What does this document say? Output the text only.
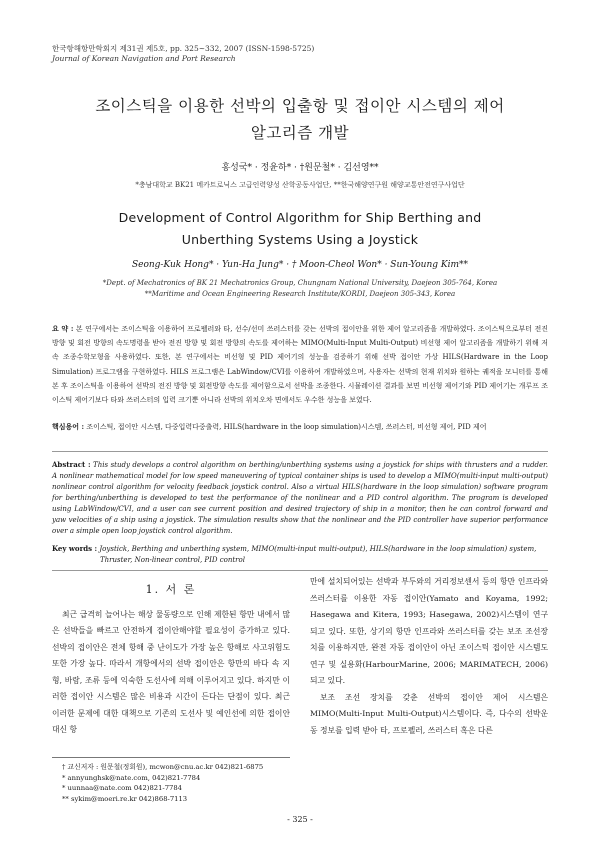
한국항해항만학회지 제31권 제5호, pp. 325~332, 2007 (ISSN-1598-5725)
Journal of Korean Navigation and Port Research
조이스틱을 이용한 선박의 입출항 및 접이안 시스템의 제어
알고리즘 개발
홍성국* · 정윤하* · †원문철* · 김선영**
*충남대학교 BK21 메카트로닉스 고급인력양성 산학공동사업단, **한국해양연구원 해양교통안전연구사업단
Development of Control Algorithm for Ship Berthing and
Unberthing Systems Using a Joystick
Seong-Kuk Hong* · Yun-Ha Jung* · † Moon-Cheol Won* · Sun-Young Kim**
*Dept. of Mechatronics of BK 21 Mechatronics Group, Chungnam National University, Daejeon 305-764, Korea
**Maritime and Ocean Engineering Research Institute/KORDI, Daejeon 305-343, Korea
요 약 : 본 연구에서는 조이스틱을 이용하여 프로펠러와 타, 선수/선미 쓰러스터를 갖는 선박의 접이안을 위한 제어 알고리즘을 개발하였다. 조이스틱으로부터 전진 방향 및 회전 방향의 속도명령을 받아 전진 방향 및 회전 방향의 속도를 제어하는 MIMO(Multi-Input Multi-Output) 비선형 제어 알고리즘을 개발하기 위해 저속 조종수학모형을 사용하였다. 또한, 본 연구에서는 비선형 및 PID 제어기의 성능을 검증하기 위해 선박 접이안 가상 HILS(Hardware in the Loop Simulation) 프로그램을 구현하였다. HILS 프로그램은 LabWindow/CVI를 이용하여 개발하였으며, 사용자는 선박의 현재 위치와 원하는 궤적을 모니터를 통해 본 후 조이스틱을 이용하여 선박의 전진 방향 및 회전방향 속도를 제어함으로서 선박을 조종한다. 시뮬레이션 결과를 보면 비선형 제어기와 PID 제어기는 개루프 조이스틱 제어기보다 타와 쓰러스터의 입력 크기뿐 아니라 선박의 위치오차 면에서도 우수한 성능을 보였다.
핵심용어 : 조이스틱, 접이안 시스템, 다중입력다중출력, HILS(hardware in the loop simulation)시스템, 쓰러스터, 비선형 제어, PID 제어
Abstract : This study develops a control algorithm on berthing/unberthing systems using a joystick for ships with thrusters and a rudder. A nonlinear mathematical model for low speed maneuvering of typical container ships is used to develop a MIMO(multi-input multi-output) nonlinear control algorithm for velocity feedback joystick control. Also a virtual HILS(hardware in the loop simulation) software program for berthing/unberthing is developed to test the performance of the nonlinear and a PID control algorithm. The program is developed using LabWindow/CVI, and a user can see current position and desired trajectory of ship in a monitor, then he can control forward and yaw velocities of a ship using a joystick. The simulation results show that the nonlinear and the PID controller have superior performance over a simple open loop joystick control algorithm.
Key words : Joystick, Berthing and unberthing system, MIMO(multi-input multi-output), HILS(hardware in the loop simulation) system,
Thruster, Non-linear control, PID control
1. 서 론

최근 급격히 늘어나는 해상 물동량으로 인해 제한된 항만 내에서 많은 선박들을 빠르고 안전하게 접이안해야할 필요성이 증가하고 있다. 선박의 접이안은 전체 항해 중 난이도가 가장 높은 항해로 사고위험도 또한 가장 높다. 따라서 개항에서의 선박 접이안은 항만의 바다 속 지형, 바람, 조류 등에 익숙한 도선사에 의해 이루어지고 있다. 하지만 이러한 접이안 시스템은 많은 비용과 시간이 든다는 단점이 있다. 최근 이러한 문제에 대한 대책으로 기존의 도선사 및 예인선에 의한 접이안 대신 항

만에 설치되어있는 선박과 부두와의 거리정보센서 등의 항만 인프라와 쓰러스터를 이용한 자동 접이안(Yamato and Koyama, 1992; Hasegawa and Kitera, 1993; Hasegawa, 2002)시스템이 연구되고 있다. 또한, 상기의 항만 인프라와 쓰러스터를 갖는 보조 조선장치를 이용하지만, 완전 자동 접이안이 아닌 조이스틱 접이안 시스템도 연구 및 실용화(HarbourMarine, 2006; MARIMATECH, 2006) 되고 있다.

보조 조선 장치를 갖춘 선박의 접이안 제어 시스템은 MIMO(Multi-Input Multi-Output)시스템이다. 즉, 다수의 선박운동 정보를 입력 받아 타, 프로펠러, 쓰러스터 혹은 다른

† 교신저자 : 원문철(정회원), mcwon@cnu.ac.kr 042)821-6875
* annyunghsk@nate.com, 042)821-7784
* uunnaa@nate.com 042)821-7784
** sykim@moeri.re.kr 042)868-7113
- 325 -
